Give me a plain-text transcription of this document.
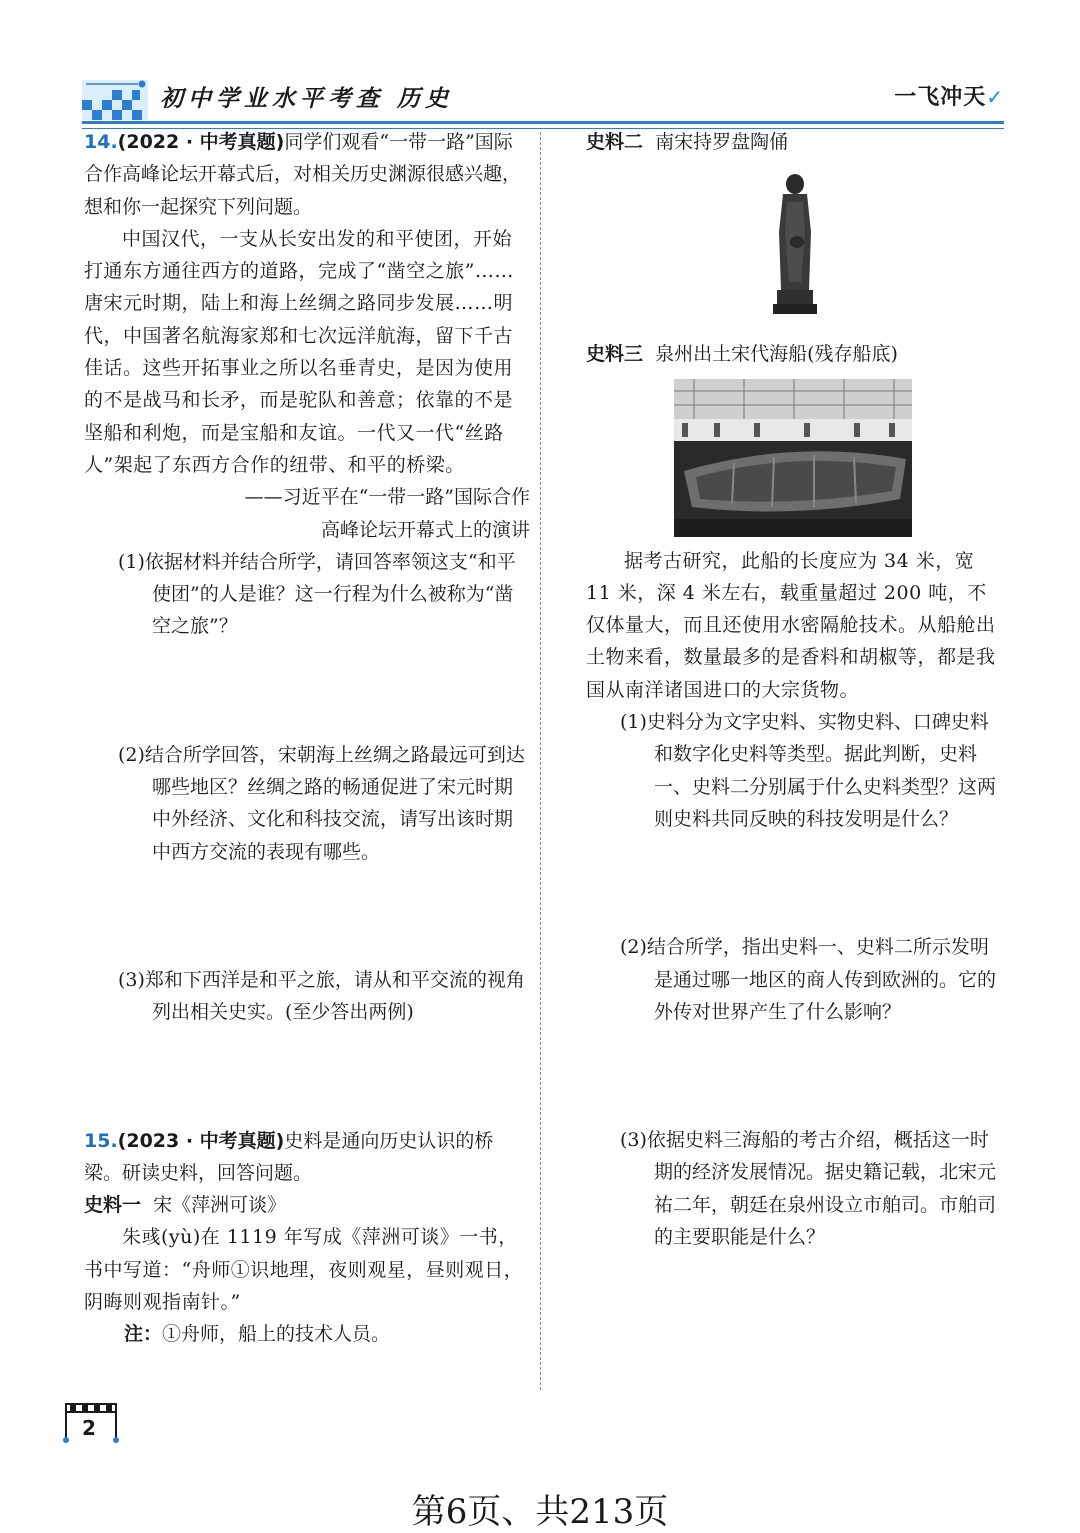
初中学业水平考查 历史	一飞冲天✓

14.(2022 · 中考真题)同学们观看“一带一路”国际合作高峰论坛开幕式后，对相关历史渊源很感兴趣，想和你一起探究下列问题。

中国汉代，一支从长安出发的和平使团，开始打通东方通往西方的道路，完成了“凿空之旅”……唐宋元时期，陆上和海上丝绸之路同步发展……明代，中国著名航海家郑和七次远洋航海，留下千古佳话。这些开拓事业之所以名垂青史，是因为使用的不是战马和长矛，而是驼队和善意；依靠的不是坚船和利炮，而是宝船和友谊。一代又一代“丝路人”架起了东西方合作的纽带、和平的桥梁。

——习近平在“一带一路”国际合作

高峰论坛开幕式上的演讲

(1)依据材料并结合所学，请回答率领这支“和平使团”的人是谁？这一行程为什么被称为“凿空之旅”？

(2)结合所学回答，宋朝海上丝绸之路最远可到达哪些地区？丝绸之路的畅通促进了宋元时期中外经济、文化和科技交流，请写出该时期中西方交流的表现有哪些。

(3)郑和下西洋是和平之旅，请从和平交流的视角列出相关史实。(至少答出两例)

15.(2023 · 中考真题)史料是通向历史认识的桥梁。研读史料，回答问题。

史料一 宋《萍洲可谈》

朱彧(yù)在 1119 年写成《萍洲可谈》一书，书中写道：“舟师①识地理，夜则观星，昼则观日，阴晦则观指南针。”

注：①舟师，船上的技术人员。

史料二 南宋持罗盘陶俑

史料三 泉州出土宋代海船(残存船底)

据考古研究，此船的长度应为 34 米，宽 11 米，深 4 米左右，载重量超过 200 吨，不仅体量大，而且还使用水密隔舱技术。从船舱出土物来看，数量最多的是香料和胡椒等，都是我国从南洋诸国进口的大宗货物。

(1)史料分为文字史料、实物史料、口碑史料和数字化史料等类型。据此判断，史料一、史料二分别属于什么史料类型？这两则史料共同反映的科技发明是什么？

(2)结合所学，指出史料一、史料二所示发明是通过哪一地区的商人传到欧洲的。它的外传对世界产生了什么影响？

(3)依据史料三海船的考古介绍，概括这一时期的经济发展情况。据史籍记载，北宋元祐二年，朝廷在泉州设立市舶司。市舶司的主要职能是什么？

2
第6页、共213页
